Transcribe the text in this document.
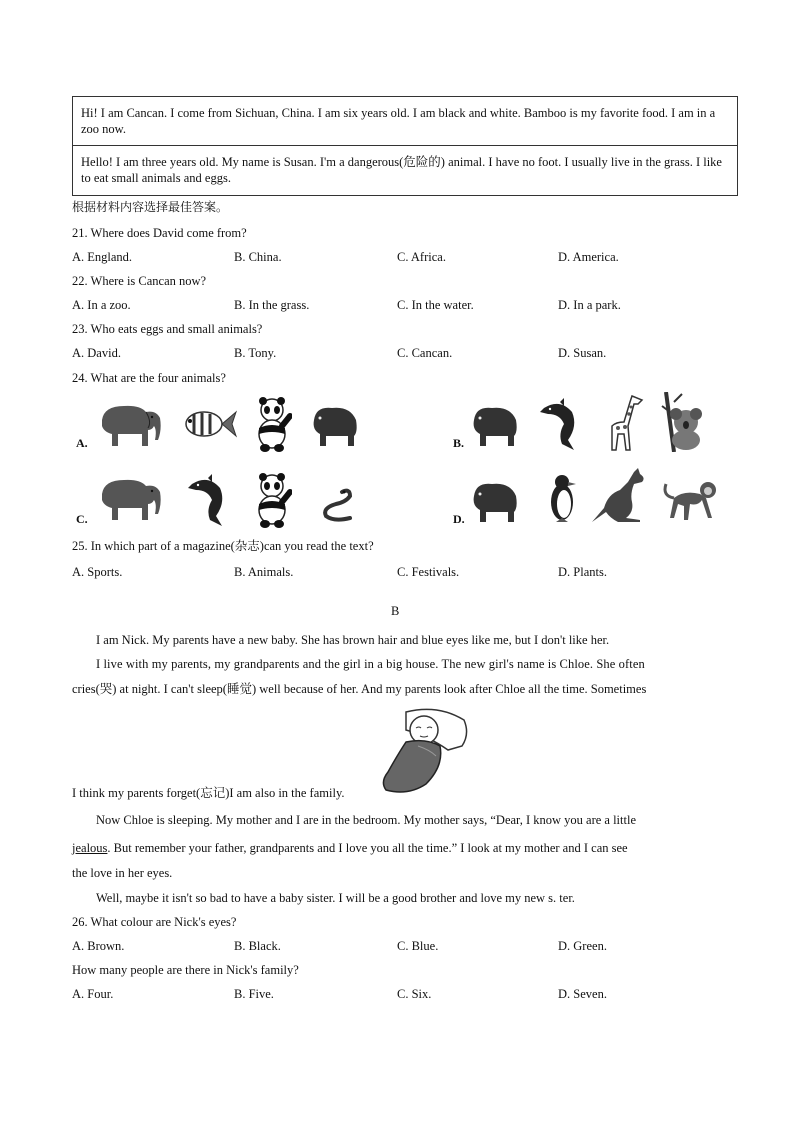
Hi! I am Cancan. I come from Sichuan, China. I am six years old. I am black and white. Bamboo is my favorite food. I am in a zoo now.
Hello! I am three years old. My name is Susan. I'm a dangerous(危险的) animal. I have no foot. I usually live in the grass. I like to eat small animals and eggs.
根据材料内容选择最佳答案。
21. Where does David come from?
A. England.	B. China.	C. Africa.	D. America.
22. Where is Cancan now?
A. In a zoo.	B. In the grass.	C. In the water.	D. In a park.
23. Who eats eggs and small animals?
A. David.	B. Tony.	C. Cancan.	D. Susan.
24. What are the four animals?
A.	B.
C.	D.
25. In which part of a magazine(杂志)can you read the text?
A. Sports.	B. Animals.	C. Festivals.	D. Plants.
B
I am Nick. My parents have a new baby. She has brown hair and blue eyes like me, but I don't like her.
I live with my parents, my grandparents and the girl in a big house. The new girl's name is Chloe. She often
cries(哭) at night. I can't sleep(睡觉) well because of her. And my parents look after Chloe all the time. Sometimes
I think my parents forget(忘记)I am also in the family.
Now Chloe is sleeping. My mother and I are in the bedroom. My mother says, “Dear, I know you are a little
jealous. But remember your father, grandparents and I love you all the time.” I look at my mother and I can see
the love in her eyes.
Well, maybe it isn't so bad to have a baby sister. I will be a good brother and love my new s. ter.
26. What colour are Nick's eyes?
A. Brown.	B. Black.	C. Blue.	D. Green.
How many people are there in Nick's family?
A. Four.	B. Five.	C. Six.	D. Seven.
